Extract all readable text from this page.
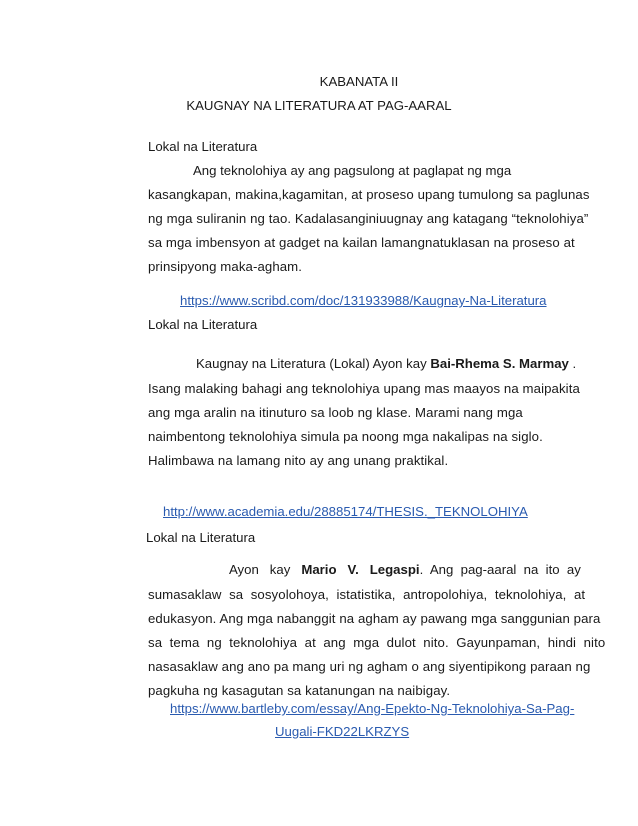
KABANATA II
KAUGNAY NA LITERATURA AT PAG-AARAL
Lokal na Literatura
Ang teknolohiya ay ang pagsulong at paglapat ng mga
kasangkapan, makina,kagamitan, at proseso upang tumulong sa paglunas
ng mga suliranin ng tao. Kadalasanginiuugnay ang katagang “teknolohiya”
sa mga imbensyon at gadget na kailan lamangnatuklasan na proseso at
prinsipyong maka-agham.
https://www.scribd.com/doc/131933988/Kaugnay-Na-Literatura
Lokal na Literatura
Kaugnay na Literatura (Lokal) Ayon kay Bai-Rhema S. Marmay .
Isang malaking bahagi ang teknolohiya upang mas maayos na maipakita
ang mga aralin na itinuturo sa loob ng klase. Marami nang mga
naimbentong teknolohiya simula pa noong mga nakalipas na siglo.
Halimbawa na lamang nito ay ang unang praktikal.
http://www.academia.edu/28885174/THESIS._TEKNOLOHIYA
Lokal na Literatura
Ayon   kay   Mario   V.   Legaspi.  Ang  pag-aaral  na  ito  ay
sumasaklaw  sa  sosyolohoya,  istatistika,  antropolohiya,  teknolohiya,  at
edukasyon. Ang mga nabanggit na agham ay pawang mga sanggunian para
sa  tema  ng  teknolohiya  at  ang  mga  dulot  nito.  Gayunpaman,  hindi  nito
nasasaklaw ang ano pa mang uri ng agham o ang siyentipikong paraan ng
pagkuha ng kasagutan sa katanungan na naibigay.
https://www.bartleby.com/essay/Ang-Epekto-Ng-Teknolohiya-Sa-Pag-
Uugali-FKD22LKRZYS
